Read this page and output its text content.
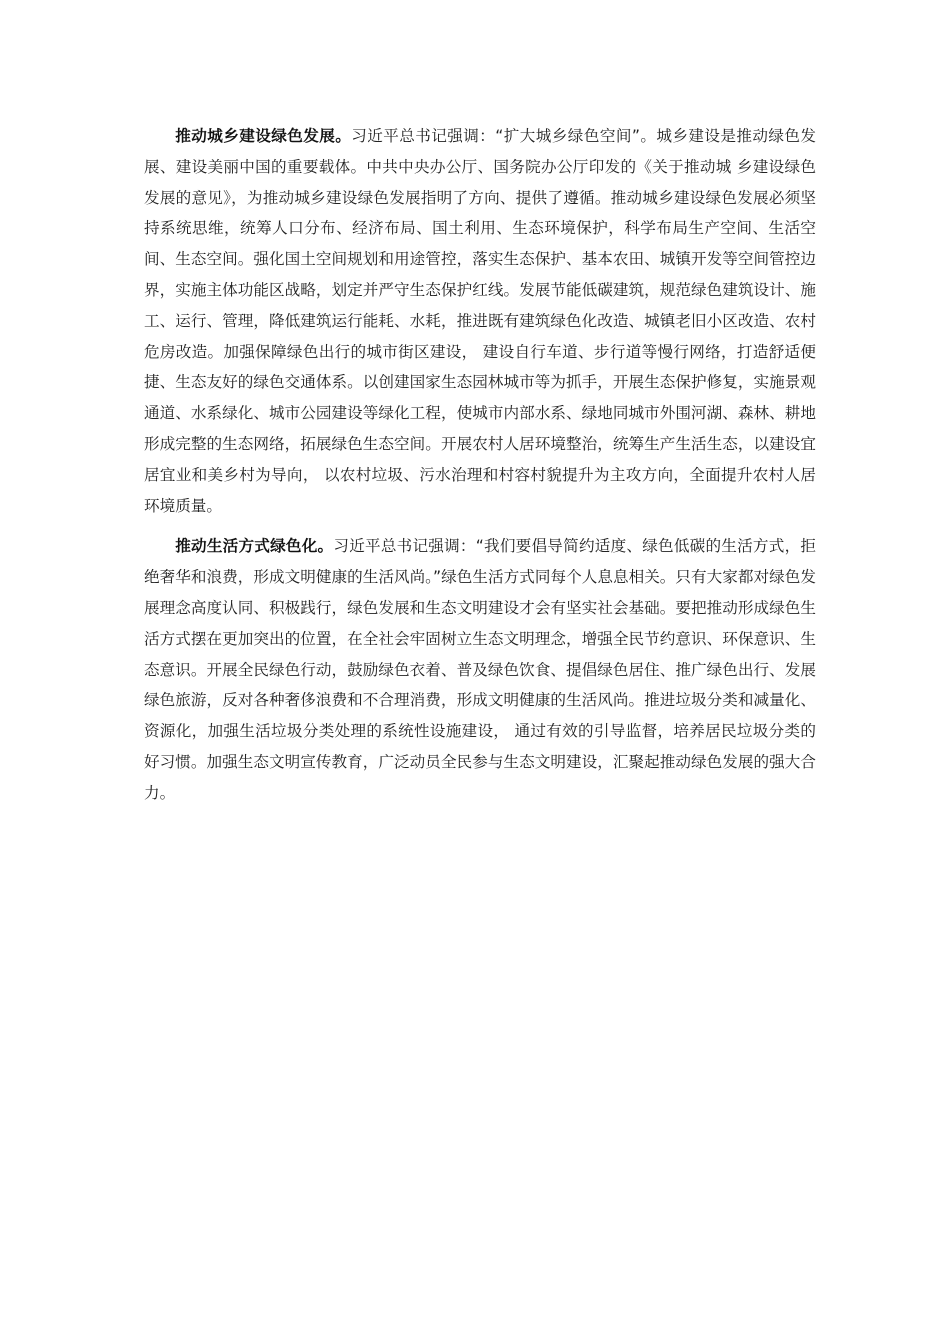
推动城乡建设绿色发展。习近平总书记强调：“扩大城乡绿色空间”。城乡建设是推动绿色发展、建设美丽中国的重要载体。中共中央办公厅、国务院办公厅印发的《关于推动城 乡建设绿色发展的意见》，为推动城乡建设绿色发展指明了方向、提供了遵循。推动城乡建设绿色发展必须坚持系统思维，统筹人口分布、经济布局、国土利用、生态环境保护，科学布局生产空间、生活空间、生态空间。强化国土空间规划和用途管控，落实生态保护、基本农田、城镇开发等空间管控边界，实施主体功能区战略，划定并严守生态保护红线。发展节能低碳建筑，规范绿色建筑设计、施工、运行、管理，降低建筑运行能耗、水耗，推进既有建筑绿色化改造、城镇老旧小区改造、农村危房改造。加强保障绿色出行的城市街区建设， 建设自行车道、步行道等慢行网络，打造舒适便捷、生态友好的绿色交通体系。以创建国家生态园林城市等为抓手，开展生态保护修复，实施景观通道、水系绿化、城市公园建设等绿化工程，使城市内部水系、绿地同城市外围河湖、森林、耕地形成完整的生态网络，拓展绿色生态空间。开展农村人居环境整治，统筹生产生活生态，以建设宜居宜业和美乡村为导向， 以农村垃圾、污水治理和村容村貌提升为主攻方向，全面提升农村人居环境质量。

推动生活方式绿色化。习近平总书记强调：“我们要倡导简约适度、绿色低碳的生活方式，拒绝奢华和浪费，形成文明健康的生活风尚。”绿色生活方式同每个人息息相关。只有大家都对绿色发展理念高度认同、积极践行，绿色发展和生态文明建设才会有坚实社会基础。要把推动形成绿色生活方式摆在更加突出的位置，在全社会牢固树立生态文明理念，增强全民节约意识、环保意识、生态意识。开展全民绿色行动，鼓励绿色衣着、普及绿色饮食、提倡绿色居住、推广绿色出行、发展绿色旅游，反对各种奢侈浪费和不合理消费，形成文明健康的生活风尚。推进垃圾分类和减量化、资源化，加强生活垃圾分类处理的系统性设施建设， 通过有效的引导监督，培养居民垃圾分类的好习惯。加强生态文明宣传教育，广泛动员全民参与生态文明建设，汇聚起推动绿色发展的强大合力。
